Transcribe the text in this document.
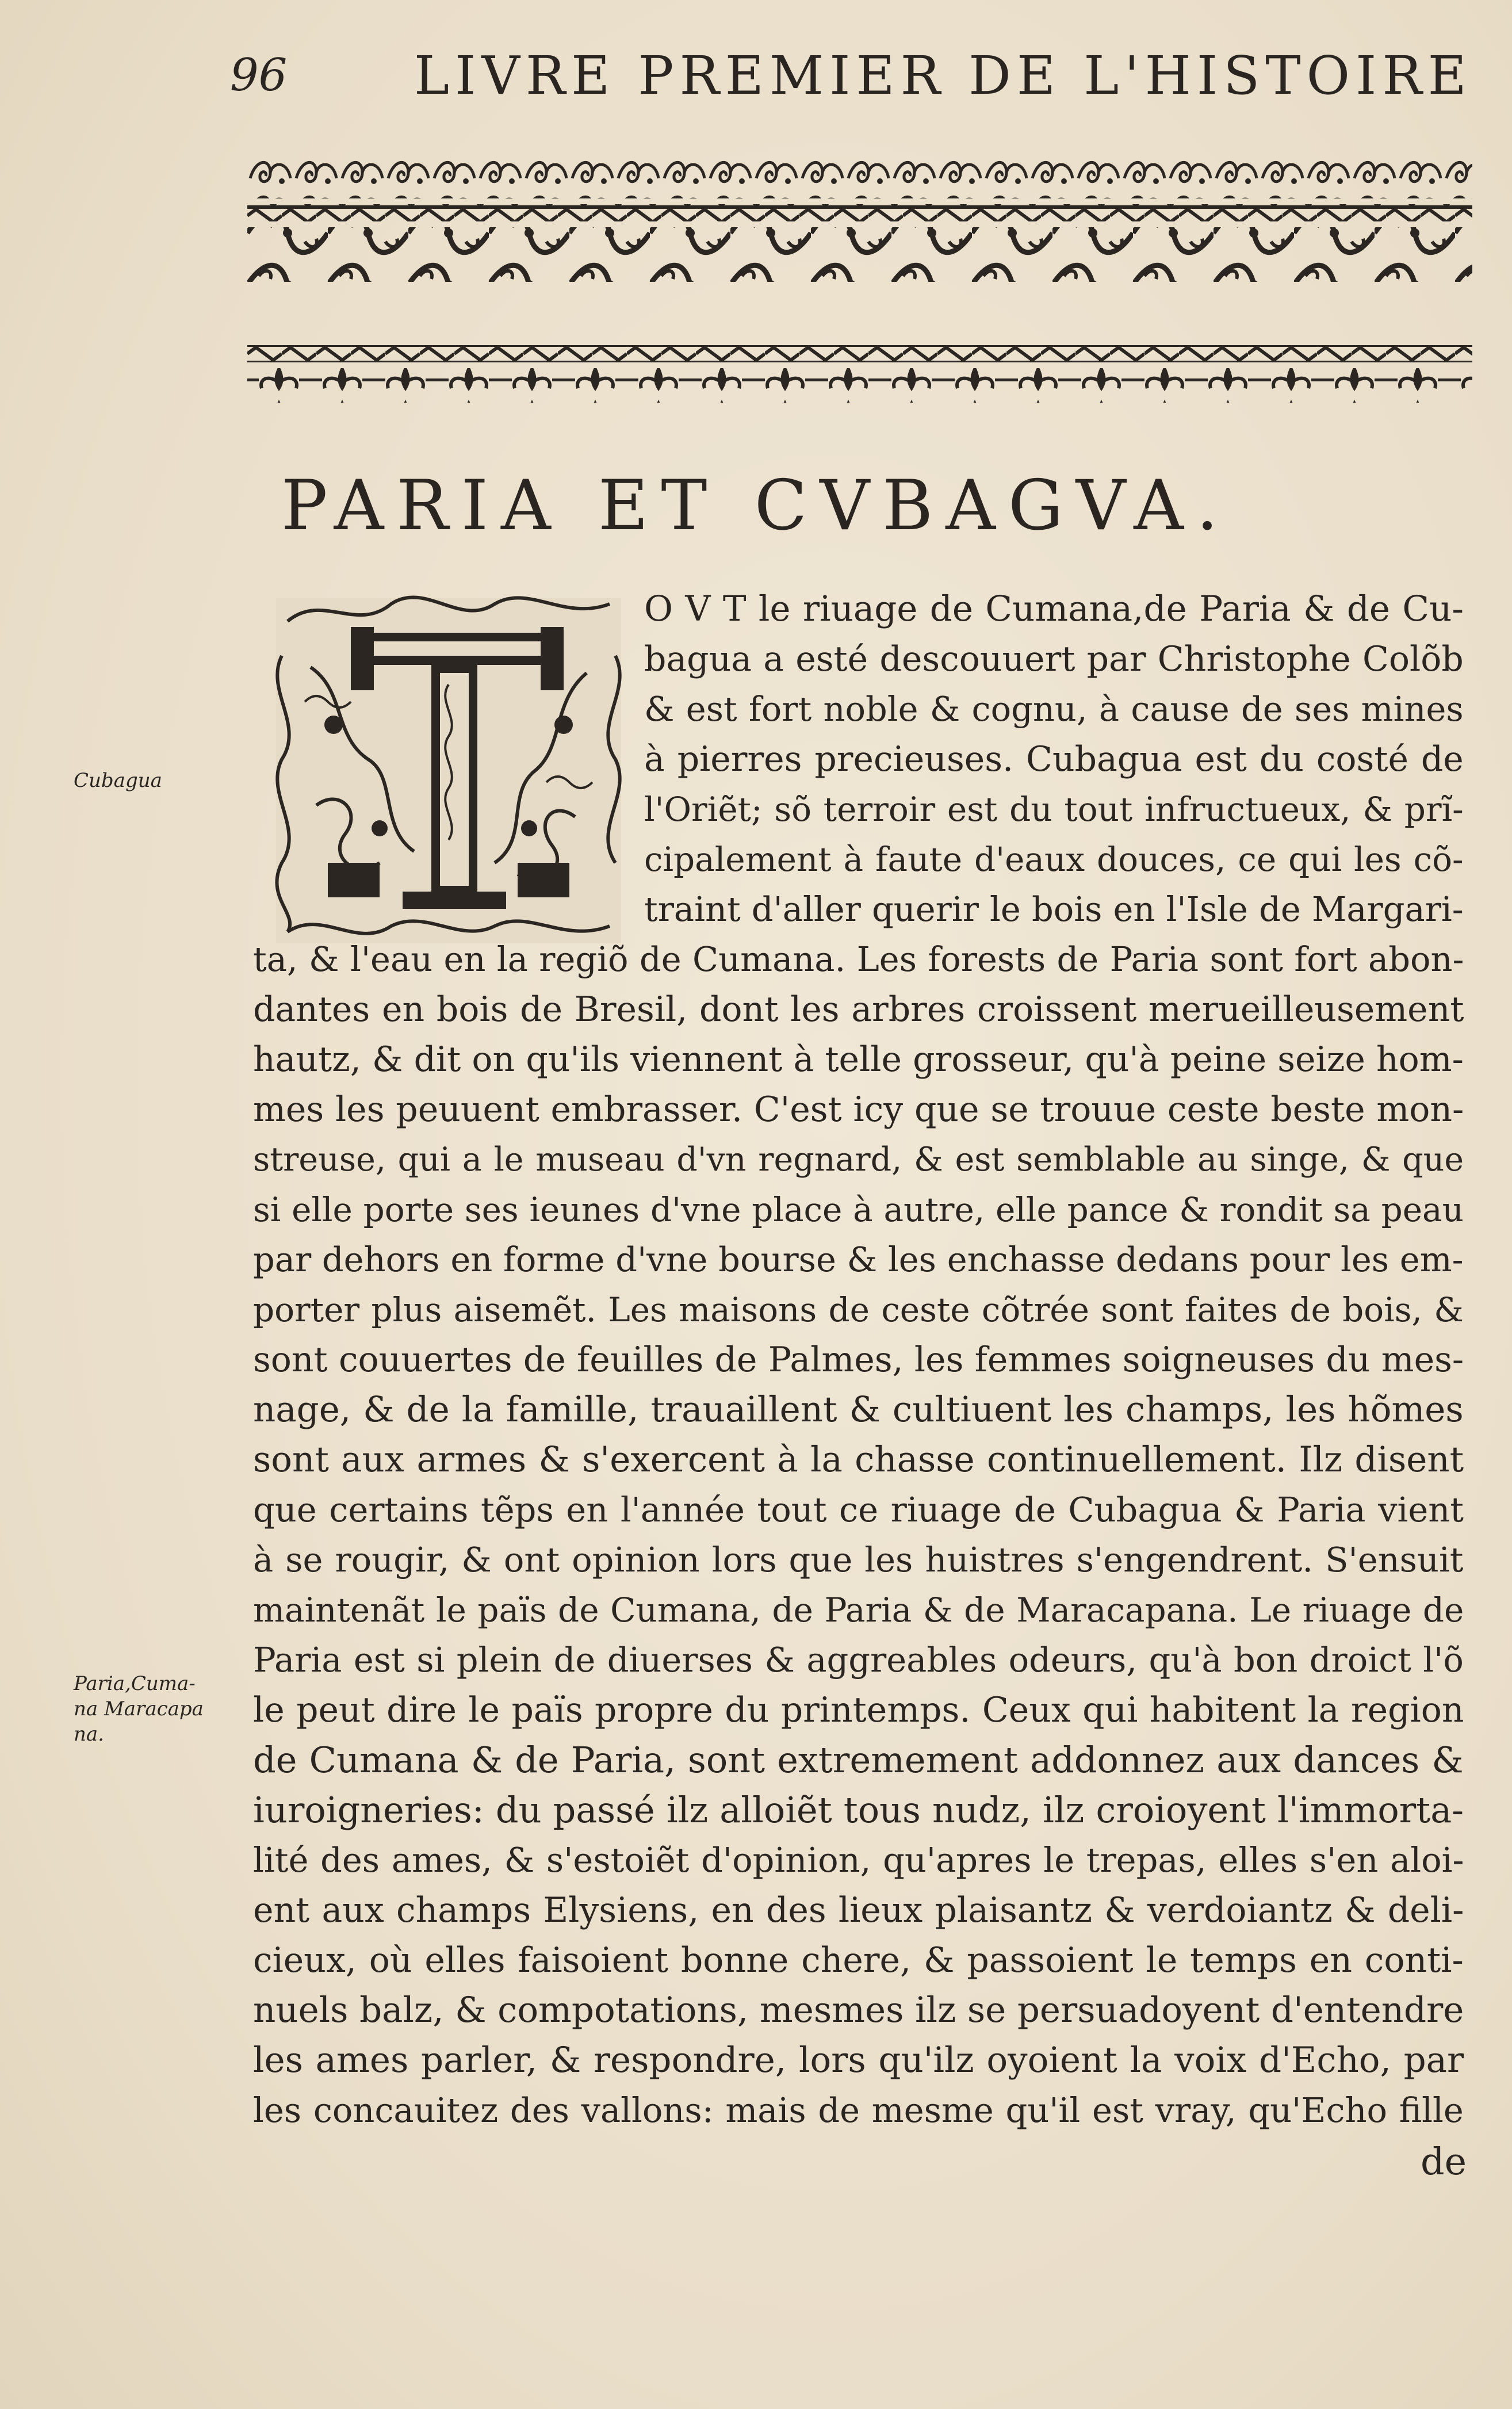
96 LIVRE PREMIER DE L'HISTOIRE
PARIA ET CVBAGVA.
Cubagua
Paria,Cuma-
na Maracapa
na.
O V T le riuage de Cumana,de Paria & de Cu-
bagua a esté descouuert par Christophe Colõb
& est fort noble & cognu, à cause de ses mines
à pierres precieuses. Cubagua est du costé de
l'Oriẽt; sõ terroir est du tout infructueux, & prĩ-
cipalement à faute d'eaux douces, ce qui les cõ-
traint d'aller querir le bois en l'Isle de Margari-
ta, & l'eau en la regiõ de Cumana. Les forests de Paria sont fort abon-
dantes en bois de Bresil, dont les arbres croissent merueilleusement
hautz, & dit on qu'ils viennent à telle grosseur, qu'à peine seize hom-
mes les peuuent embrasser. C'est icy que se trouue ceste beste mon-
streuse, qui a le museau d'vn regnard, & est semblable au singe, & que
si elle porte ses ieunes d'vne place à autre, elle pance & rondit sa peau
par dehors en forme d'vne bourse & les enchasse dedans pour les em-
porter plus aisemẽt. Les maisons de ceste cõtrée sont faites de bois, &
sont couuertes de feuilles de Palmes, les femmes soigneuses du mes-
nage, & de la famille, trauaillent & cultiuent les champs, les hõmes
sont aux armes & s'exercent à la chasse continuellement. Ilz disent
que certains tẽps en l'année tout ce riuage de Cubagua & Paria vient
à se rougir, & ont opinion lors que les huistres s'engendrent. S'ensuit
maintenãt le païs de Cumana, de Paria & de Maracapana. Le riuage de
Paria est si plein de diuerses & aggreables odeurs, qu'à bon droict l'õ
le peut dire le païs propre du printemps. Ceux qui habitent la region
de Cumana & de Paria, sont extremement addonnez aux dances &
iuroigneries: du passé ilz alloiẽt tous nudz, ilz croioyent l'immorta-
lité des ames, & s'estoiẽt d'opinion, qu'apres le trepas, elles s'en aloi-
ent aux champs Elysiens, en des lieux plaisantz & verdoiantz & deli-
cieux, où elles faisoient bonne chere, & passoient le temps en conti-
nuels balz, & compotations, mesmes ilz se persuadoyent d'entendre
les ames parler, & respondre, lors qu'ilz oyoient la voix d'Echo, par
les concauitez des vallons: mais de mesme qu'il est vray, qu'Echo fille
de
